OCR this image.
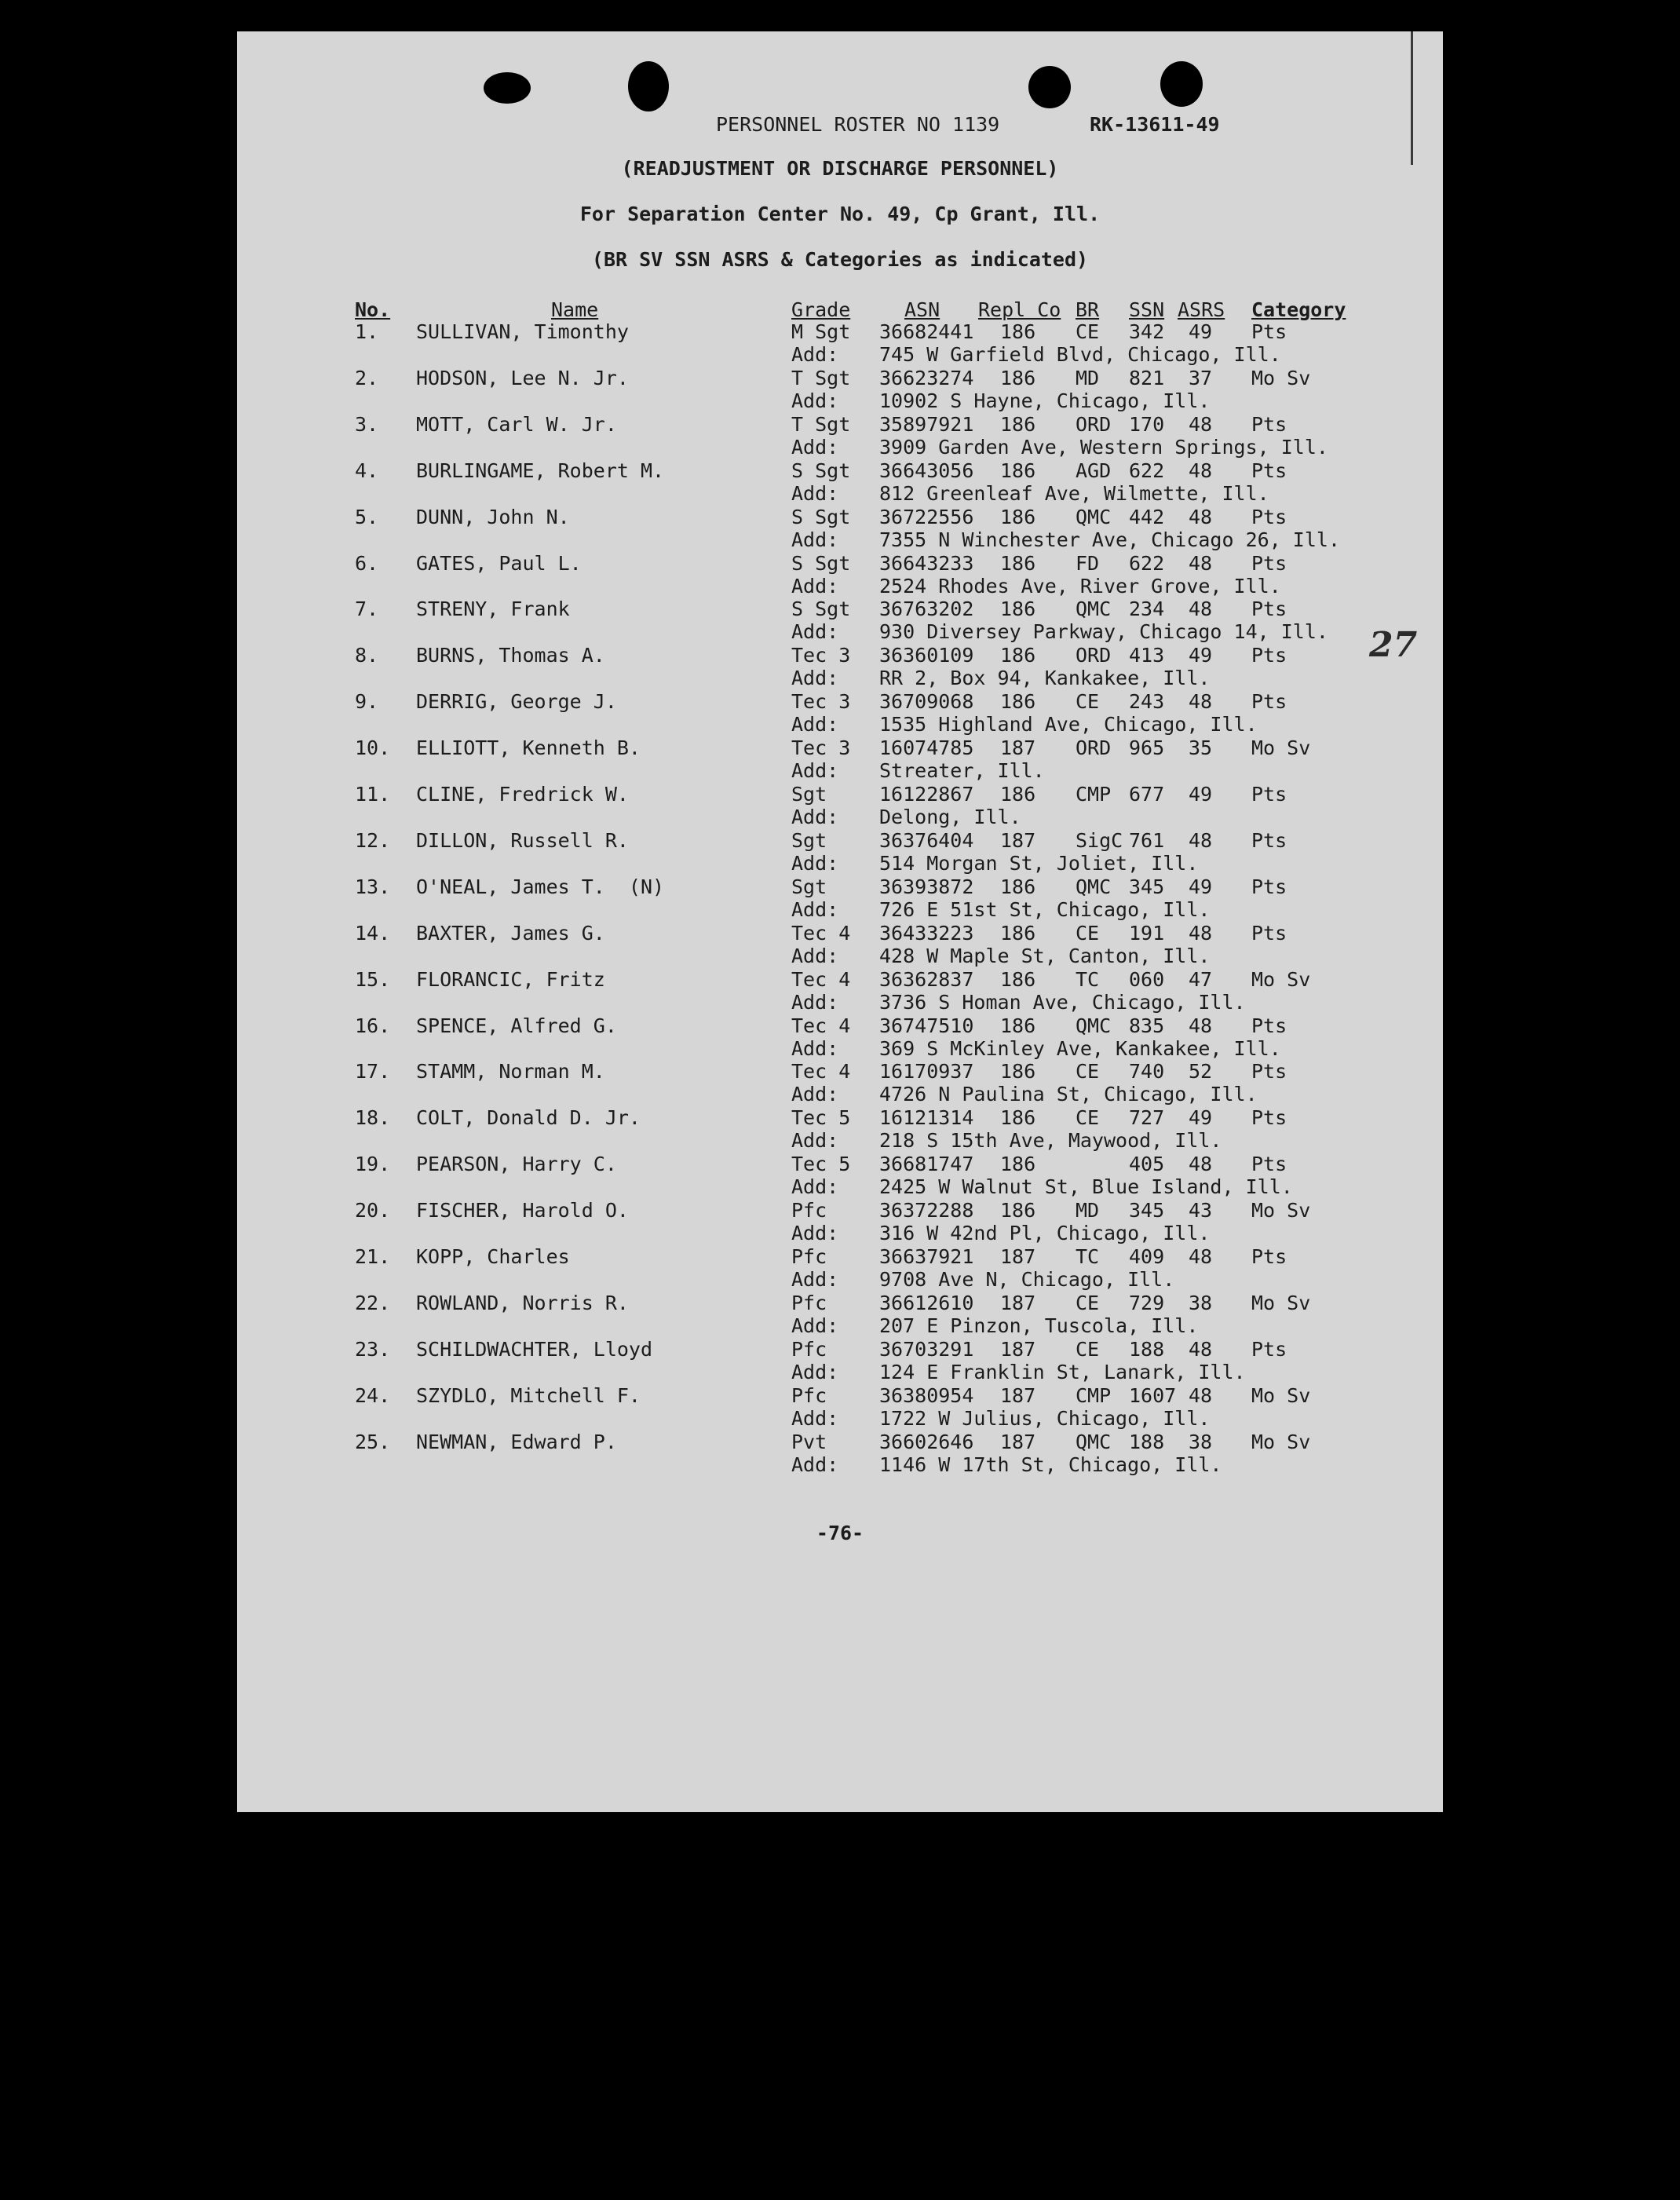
PERSONNEL ROSTER NO 1139	RK-13611-49
(READJUSTMENT OR DISCHARGE PERSONNEL)
For Separation Center No. 49, Cp Grant, Ill.
(BR SV SSN ASRS & Categories as indicated)
No.	Name	Grade	ASN Repl Co BR SSN ASRS Category
1. SULLIVAN, Timonthy	M Sgt 36682441 186 CE 342 49 Pts
Add: 745 W Garfield Blvd, Chicago, Ill.
2. HODSON, Lee N. Jr.	T Sgt 36623274 186 MD 821 37 Mo Sv
Add: 10902 S Hayne, Chicago, Ill.
3. MOTT, Carl W. Jr.	T Sgt 35897921 186 ORD 170 48 Pts
Add: 3909 Garden Ave, Western Springs, Ill.
4. BURLINGAME, Robert M.	S Sgt 36643056 186 AGD 622 48 Pts
Add: 812 Greenleaf Ave, Wilmette, Ill.
5. DUNN, John N.	S Sgt 36722556 186 QMC 442 48 Pts
Add: 7355 N Winchester Ave, Chicago 26, Ill.
6. GATES, Paul L.	S Sgt 36643233 186 FD 622 48 Pts
Add: 2524 Rhodes Ave, River Grove, Ill.
7. STRENY, Frank	S Sgt 36763202 186 QMC 234 48 Pts
Add: 930 Diversey Parkway, Chicago 14, Ill.
8. BURNS, Thomas A.	Tec 3 36360109 186 ORD 413 49 Pts
Add: RR 2, Box 94, Kankakee, Ill.
9. DERRIG, George J.	Tec 3 36709068 186 CE 243 48 Pts
Add: 1535 Highland Ave, Chicago, Ill.
10. ELLIOTT, Kenneth B.	Tec 3 16074785 187 ORD 965 35 Mo Sv
Add: Streater, Ill.
11. CLINE, Fredrick W.	Sgt	16122867 186 CMP 677 49 Pts
Add: Delong, Ill.
12. DILLON, Russell R.	Sgt	36376404 187 SigC 761 48 Pts
Add: 514 Morgan St, Joliet, Ill.
13. O'NEAL, James T.  (N)	Sgt	36393872 186 QMC 345 49 Pts
Add: 726 E 51st St, Chicago, Ill.
14. BAXTER, James G.	Tec 4 36433223 186 CE 191 48 Pts
Add: 428 W Maple St, Canton, Ill.
15. FLORANCIC, Fritz	Tec 4 36362837 186 TC 060 47 Mo Sv
Add: 3736 S Homan Ave, Chicago, Ill.
16. SPENCE, Alfred G.	Tec 4 36747510 186 QMC 835 48 Pts
Add: 369 S McKinley Ave, Kankakee, Ill.
17. STAMM, Norman M.	Tec 4 16170937 186 CE 740 52 Pts
Add: 4726 N Paulina St, Chicago, Ill.
18. COLT, Donald D. Jr.	Tec 5 16121314 186 CE 727 49 Pts
Add: 218 S 15th Ave, Maywood, Ill.
19. PEARSON, Harry C.	Tec 5 36681747 186	405 48 Pts
Add: 2425 W Walnut St, Blue Island, Ill.
20. FISCHER, Harold O.	Pfc	36372288 186 MD 345 43 Mo Sv
Add: 316 W 42nd Pl, Chicago, Ill.
21. KOPP, Charles	Pfc	36637921 187 TC 409 48 Pts
Add: 9708 Ave N, Chicago, Ill.
22. ROWLAND, Norris R.	Pfc	36612610 187 CE 729 38 Mo Sv
Add: 207 E Pinzon, Tuscola, Ill.
23. SCHILDWACHTER, Lloyd	Pfc	36703291 187 CE 188 48 Pts
Add: 124 E Franklin St, Lanark, Ill.
24. SZYDLO, Mitchell F.	Pfc	36380954 187 CMP 1607 48 Mo Sv
Add: 1722 W Julius, Chicago, Ill.
25. NEWMAN, Edward P.	Pvt	36602646 187 QMC 188 38 Mo Sv
Add: 1146 W 17th St, Chicago, Ill.
27
-76-
